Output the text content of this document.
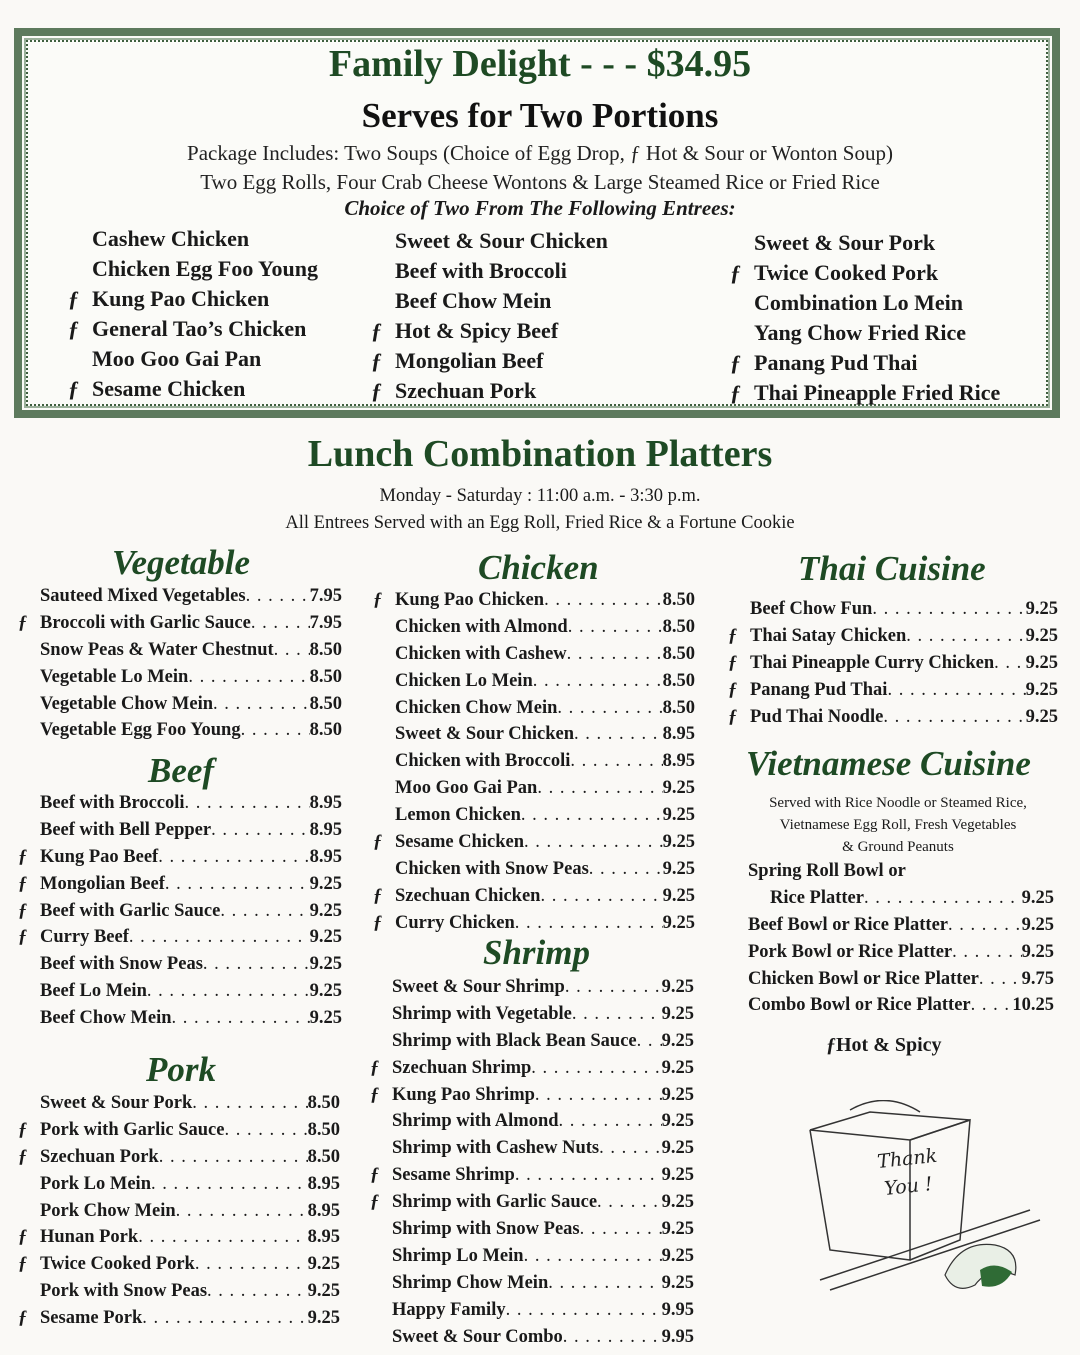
Family Delight - - - $34.95
Serves for Two Portions
Package Includes: Two Soups (Choice of Egg Drop, ƒ Hot & Sour or Wonton Soup)
Two Egg Rolls, Four Crab Cheese Wontons & Large Steamed Rice or Fried Rice
Choice of Two From The Following Entrees:
Cashew Chicken
Chicken Egg Foo Young
ƒ Kung Pao Chicken
ƒ General Tao’s Chicken
Moo Goo Gai Pan
ƒ Sesame Chicken
Sweet & Sour Chicken
Beef with Broccoli
Beef Chow Mein
ƒ Hot & Spicy Beef
ƒ Mongolian Beef
ƒ Szechuan Pork
Sweet & Sour Pork
ƒ Twice Cooked Pork
Combination Lo Mein
Yang Chow Fried Rice
ƒ Panang Pud Thai
ƒ Thai Pineapple Fried Rice
Lunch Combination Platters
Monday - Saturday : 11:00 a.m. - 3:30 p.m.
All Entrees Served with an Egg Roll, Fried Rice & a Fortune Cookie
Vegetable
Beef
Pork
Chicken
Shrimp
Thai Cuisine
Vietnamese Cuisine
Sauteed Mixed Vegetables . . .	7.95
ƒ Broccoli with Garlic Sauce . . .	7.95
Snow Peas & Water Chestnut . . . 8.50
Vegetable Lo Mein . . .	8.50
Vegetable Chow Mein . . .	8.50
Vegetable Egg Foo Young . . .	8.50
Beef with Broccoli . . .	8.95
Beef with Bell Pepper . . .	8.95
ƒ Kung Pao Beef . . .	8.95
ƒ Mongolian Beef . . .	9.25
ƒ Beef with Garlic Sauce . . .	9.25
ƒ Curry Beef . . .	9.25
Beef with Snow Peas . . .	9.25
Beef Lo Mein . . .	9.25
Beef Chow Mein . . .	9.25
Sweet & Sour Pork . . .	8.50
ƒ Pork with Garlic Sauce . . .	8.50
ƒ Szechuan Pork . . .	8.50
Pork Lo Mein . . .	8.95
Pork Chow Mein . . .	8.95
ƒ Hunan Pork . . .	8.95
ƒ Twice Cooked Pork . . .	9.25
Pork with Snow Peas . . .	9.25
ƒ Sesame Pork . . .	9.25
ƒ Kung Pao Chicken . . .	8.50
Chicken with Almond . . .	8.50
Chicken with Cashew . . .	8.50
Chicken Lo Mein . . .	8.50
Chicken Chow Mein . . .	8.50
Sweet & Sour Chicken . . .	8.95
Chicken with Broccoli . . .	8.95
Moo Goo Gai Pan . . .	9.25
Lemon Chicken . . .	9.25
ƒ Sesame Chicken . . .	9.25
Chicken with Snow Peas . . .	9.25
ƒ Szechuan Chicken . . .	9.25
ƒ Curry Chicken . . .	9.25
Sweet & Sour Shrimp . . .	9.25
Shrimp with Vegetable . . .	9.25
Shrimp with Black Bean Sauce . . . 9.25
ƒ Szechuan Shrimp . . .	9.25
ƒ Kung Pao Shrimp . . .	9.25
Shrimp with Almond . . .	9.25
Shrimp with Cashew Nuts . . .	9.25
ƒ Sesame Shrimp . . .	9.25
ƒ Shrimp with Garlic Sauce . . .	9.25
Shrimp with Snow Peas . . .	9.25
Shrimp Lo Mein . . .	9.25
Shrimp Chow Mein . . .	9.25
Happy Family . . .	9.95
Sweet & Sour Combo . . .	9.95
Beef Chow Fun . . .	9.25
ƒ Thai Satay Chicken . . .	9.25
ƒ Thai Pineapple Curry Chicken . . . 9.25
ƒ Panang Pud Thai . . .	9.25
ƒ Pud Thai Noodle . . .	9.25
Served with Rice Noodle or Steamed Rice,
Vietnamese Egg Roll, Fresh Vegetables
& Ground Peanuts
Spring Roll Bowl or
Rice Platter . . .	9.25
Beef Bowl or Rice Platter . . .	9.25
Pork Bowl or Rice Platter . . .	9.25
Chicken Bowl or Rice Platter . . . 9.75
Combo Bowl or Rice Platter . . . 10.25
ƒHot & Spicy
Thank
You !
